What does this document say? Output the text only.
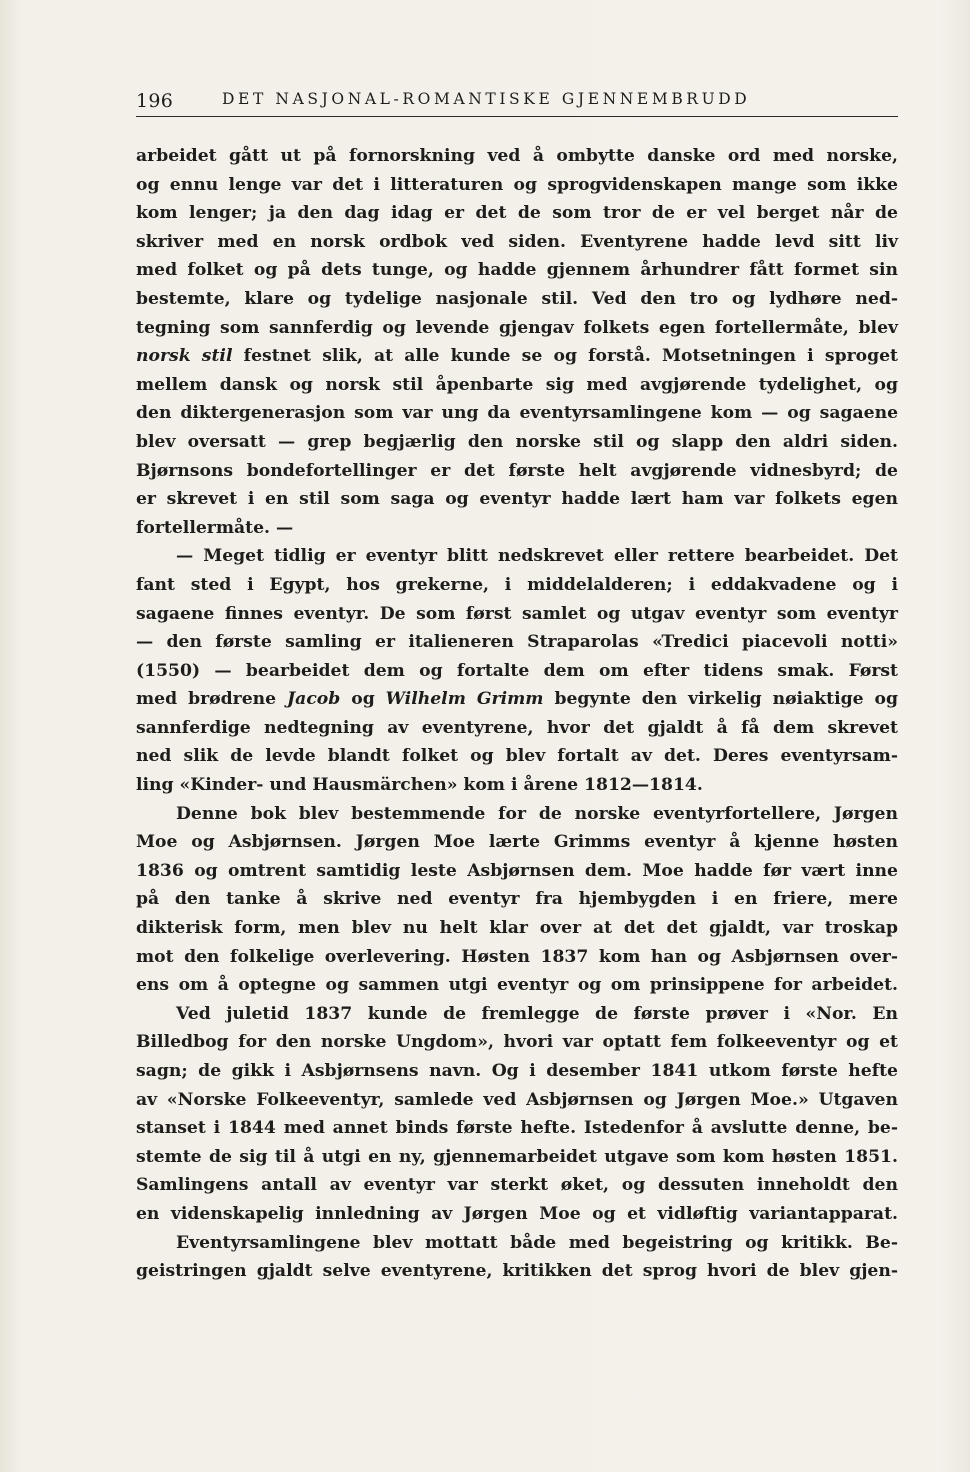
196	DET NASJONAL-ROMANTISKE GJENNEMBRUDD
arbeidet gått ut på fornorskning ved å ombytte danske ord med norske,
og ennu lenge var det i litteraturen og sprogvidenskapen mange som ikke
kom lenger; ja den dag idag er det de som tror de er vel berget når de
skriver med en norsk ordbok ved siden. Eventyrene hadde levd sitt liv
med folket og på dets tunge, og hadde gjennem århundrer fått formet sin
bestemte, klare og tydelige nasjonale stil. Ved den tro og lydhøre ned-
tegning som sannferdig og levende gjengav folkets egen fortellermåte, blev
norsk stil festnet slik, at alle kunde se og forstå. Motsetningen i sproget
mellem dansk og norsk stil åpenbarte sig med avgjørende tydelighet, og
den diktergenerasjon som var ung da eventyrsamlingene kom — og sagaene
blev oversatt — grep begjærlig den norske stil og slapp den aldri siden.
Bjørnsons bondefortellinger er det første helt avgjørende vidnesbyrd; de
er skrevet i en stil som saga og eventyr hadde lært ham var folkets egen
fortellermåte. —
— Meget tidlig er eventyr blitt nedskrevet eller rettere bearbeidet. Det
fant sted i Egypt, hos grekerne, i middelalderen; i eddakvadene og i
sagaene finnes eventyr. De som først samlet og utgav eventyr som eventyr
— den første samling er italieneren Straparolas «Tredici piacevoli notti»
(1550) — bearbeidet dem og fortalte dem om efter tidens smak. Først
med brødrene Jacob og Wilhelm Grimm begynte den virkelig nøiaktige og
sannferdige nedtegning av eventyrene, hvor det gjaldt å få dem skrevet
ned slik de levde blandt folket og blev fortalt av det. Deres eventyrsam-
ling «Kinder- und Hausmärchen» kom i årene 1812—1814.
Denne bok blev bestemmende for de norske eventyrfortellere, Jørgen
Moe og Asbjørnsen. Jørgen Moe lærte Grimms eventyr å kjenne høsten
1836 og omtrent samtidig leste Asbjørnsen dem. Moe hadde før vært inne
på den tanke å skrive ned eventyr fra hjembygden i en friere, mere
dikterisk form, men blev nu helt klar over at det det gjaldt, var troskap
mot den folkelige overlevering. Høsten 1837 kom han og Asbjørnsen over-
ens om å optegne og sammen utgi eventyr og om prinsippene for arbeidet.
Ved juletid 1837 kunde de fremlegge de første prøver i «Nor. En
Billedbog for den norske Ungdom», hvori var optatt fem folkeeventyr og et
sagn; de gikk i Asbjørnsens navn. Og i desember 1841 utkom første hefte
av «Norske Folkeeventyr, samlede ved Asbjørnsen og Jørgen Moe.» Utgaven
stanset i 1844 med annet binds første hefte. Istedenfor å avslutte denne, be-
stemte de sig til å utgi en ny, gjennemarbeidet utgave som kom høsten 1851.
Samlingens antall av eventyr var sterkt øket, og dessuten inneholdt den
en videnskapelig innledning av Jørgen Moe og et vidløftig variantapparat.
Eventyrsamlingene blev mottatt både med begeistring og kritikk. Be-
geistringen gjaldt selve eventyrene, kritikken det sprog hvori de blev gjen-
